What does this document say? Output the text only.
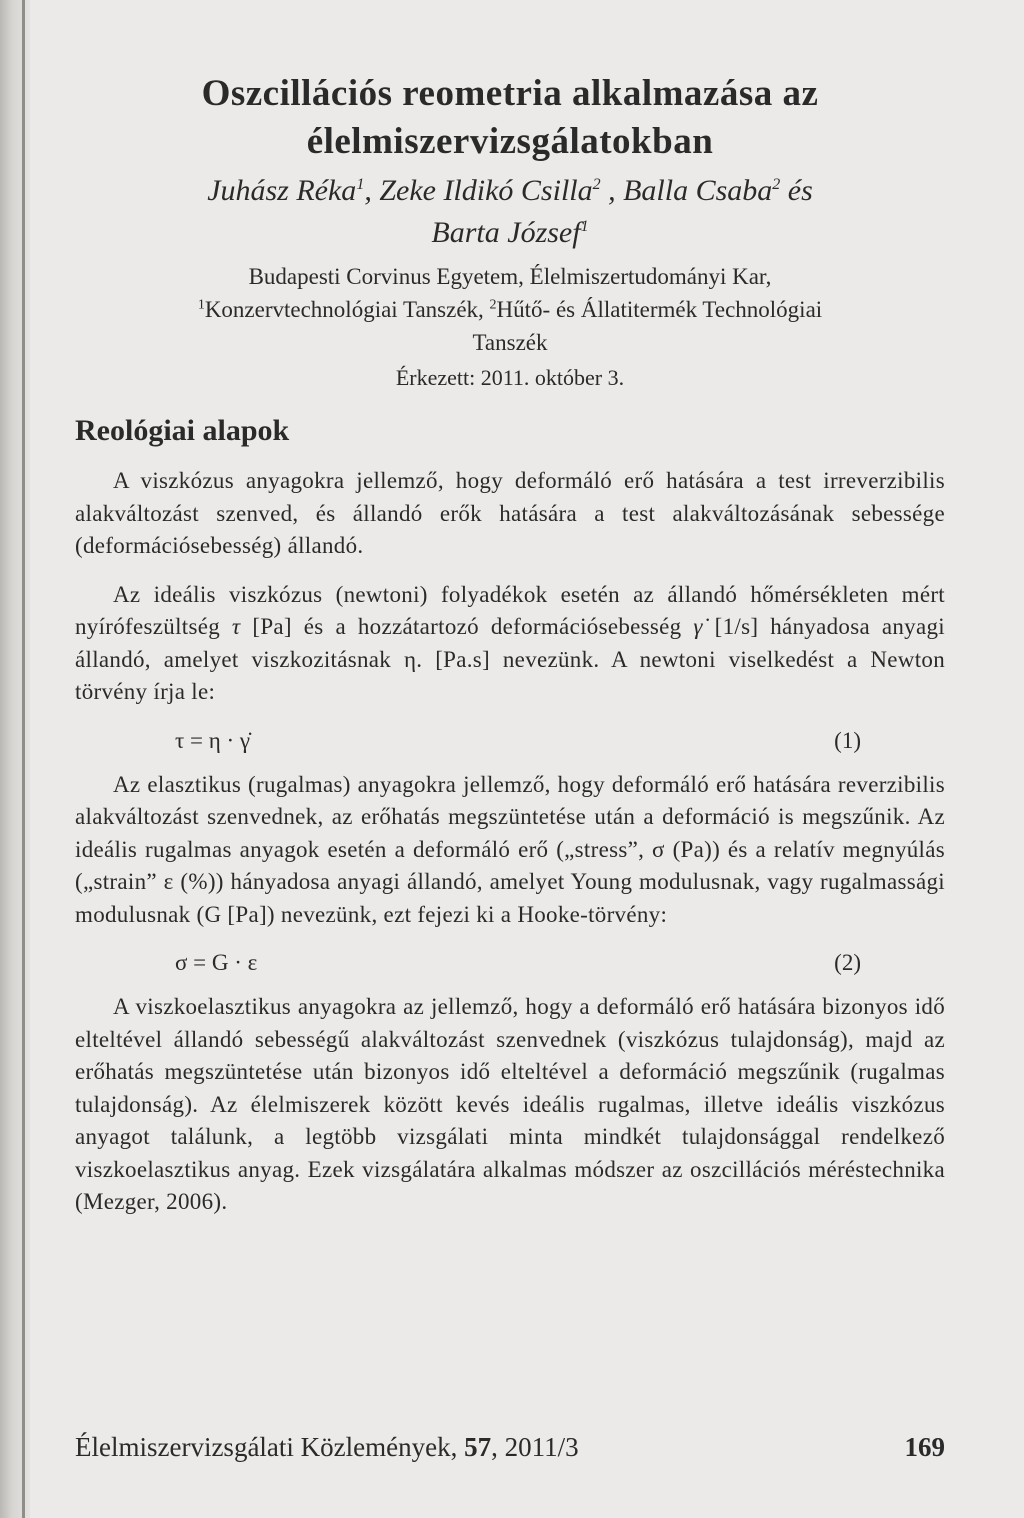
Oszcillációs reometria alkalmazása az
élelmiszervizsgálatokban
Juhász Réka$^1$, Zeke Ildikó Csilla$^2$ , Balla Csaba$^2$ és
Barta József$^1$
Budapesti Corvinus Egyetem, Élelmiszertudományi Kar,
$^1$Konzervtechnológiai Tanszék, $^2$Hűtő- és Állatitermék Technológiai
Tanszék
Érkezett: 2011. október 3.
Reológiai alapok

A viszkózus anyagokra jellemző, hogy deformáló erő hatására a test irreverzibilis alakváltozást szenved, és állandó erők hatására a test alakváltozásának sebessége (deformációsebesség) állandó.

Az ideális viszkózus (newtoni) folyadékok esetén az állandó hőmérsékleten mért nyírófeszültség τ [Pa] és a hozzátartozó deformációsebesség γ̇ [1/s] hányadosa anyagi állandó, amelyet viszkozitásnak η. [Pa.s] nevezünk. A newtoni viselkedést a Newton törvény írja le:

τ = η · γ̇	(1)

Az elasztikus (rugalmas) anyagokra jellemző, hogy deformáló erő hatására reverzibilis alakváltozást szenvednek, az erőhatás megszüntetése után a deformáció is megszűnik. Az ideális rugalmas anyagok esetén a deformáló erő („stress”, σ (Pa)) és a relatív megnyúlás („strain” ε (%)) hányadosa anyagi állandó, amelyet Young modulusnak, vagy rugalmassági modulusnak (G [Pa]) nevezünk, ezt fejezi ki a Hooke-törvény:

σ = G · ε	(2)

A viszkoelasztikus anyagokra az jellemző, hogy a deformáló erő hatására bizonyos idő elteltével állandó sebességű alakváltozást szenvednek (viszkózus tulajdonság), majd az erőhatás megszüntetése után bizonyos idő elteltével a deformáció megszűnik (rugalmas tulajdonság). Az élelmiszerek között kevés ideális rugalmas, illetve ideális viszkózus anyagot találunk, a legtöbb vizsgálati minta mindkét tulajdonsággal rendelkező viszkoelasztikus anyag. Ezek vizsgálatára alkalmas módszer az oszcillációs méréstechnika (Mezger, 2006).

Élelmiszervizsgálati Közlemények, 57, 2011/3	169
